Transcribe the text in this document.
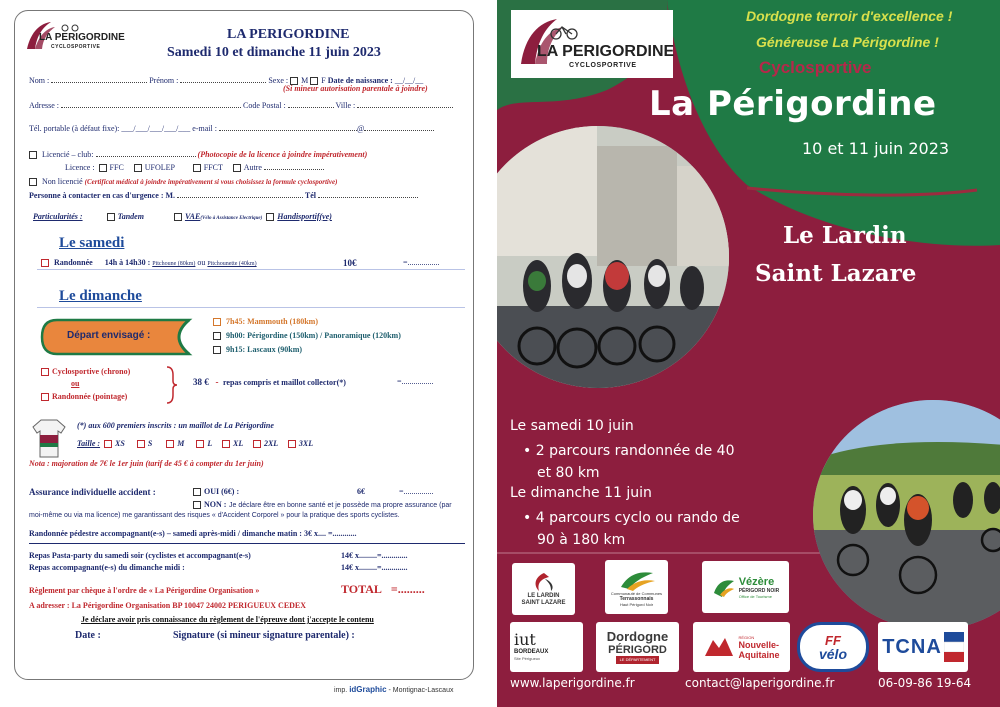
LA PERIGORDINE
CYCLOSPORTIVE
LA PERIGORDINE
Samedi 10 et dimanche 11 juin 2023
Nom :	Prénom :	Sexe : M F Date de naissance : __/__/__
(Si mineur autorisation parentale à joindre)
Adresse :	Code Postal :	Ville :
Tél. portable (à défaut fixe): ___/___/___/___/___ e-mail :	@
Licencié – club:	(Photocopie de la licence à joindre impérativement)
Licence : FFC	UFOLEP	FFCT	Autre
Non licencié (Certificat médical à joindre impérativement si vous choisissez la formule cyclosportive)
Personne à contacter en cas d'urgence : M.	Tél
Particularités :	Tandem	VAE(Vélo à Assistance Electrique) Handisportif(ve)
Le samedi
Randonnée 14h à 14h30 : Pitchoune (80km) ou Pitchounette (40km)	10€	=................
Le dimanche
Départ envisagé :
7h45: Mammouth (180km)
9h00: Périgordine (150km) / Panoramique (120km)
9h15: Lascaux (90km)
Cyclosportive (chrono)
ou
Randonnée (pointage)
38 € - repas compris et maillot collector(*)	=................
(*) aux 600 premiers inscrits : un maillot de La Périgordine
Taille : XS	S	M	L	XL	2XL	3XL
Nota : majoration de 7€ le 1er juin (tarif de 45 € à compter du 1er juin)
Assurance individuelle accident :	OUI (6€) :	6€	=...............
NON : Je déclare être en bonne santé et je possède ma propre assurance (par moi-même ou via ma licence) me garantissant des risques « d'Accident Corporel » pour la pratique des sports cyclistes.
Randonnée pédestre accompagnant(e-s) – samedi après-midi / dimanche matin : 3€ x.... =............
Repas Pasta-party du samedi soir (cyclistes et accompagnant(e-s)	14€ x.........=.............
Repas accompagnant(e-s) du dimanche midi :	14€ x.........=.............
Règlement par chèque à l'ordre de « La Périgordine Organisation »	TOTAL =.........
A adresser : La Périgordine Organisation BP 10047 24002 PERIGUEUX CEDEX
Je déclare avoir pris connaissance du règlement de l'épreuve dont j'accepte le contenu
Date :	Signature (si mineur signature parentale) :
imp. idGraphic - Montignac-Lascaux
LA PERIGORDINE
CYCLOSPORTIVE
Dordogne terroir d'excellence !
Généreuse La Périgordine !
Cyclosportive
La Périgordine
10 et 11 juin 2023
Le Lardin
Saint Lazare
Le samedi 10 juin
• 2 parcours randonnée de 40 et 80 km
Le dimanche 11 juin
• 4 parcours cyclo ou rando de 90 à 180 km
LE LARDIN
SAINT LAZARE
Communauté de Communes
Terrassonnais
Haut Périgord Noir
Vézère
PÉRIGORD NOIR
Office de Tourisme
iut
BORDEAUX
Site Périgueux
Dordogne
PÉRIGORD
LE DÉPARTEMENT
RÉGION
Nouvelle-
Aquitaine
FF
vélo TCNA
www.laperigordine.fr	contact@laperigordine.fr	06-09-86 19-64
